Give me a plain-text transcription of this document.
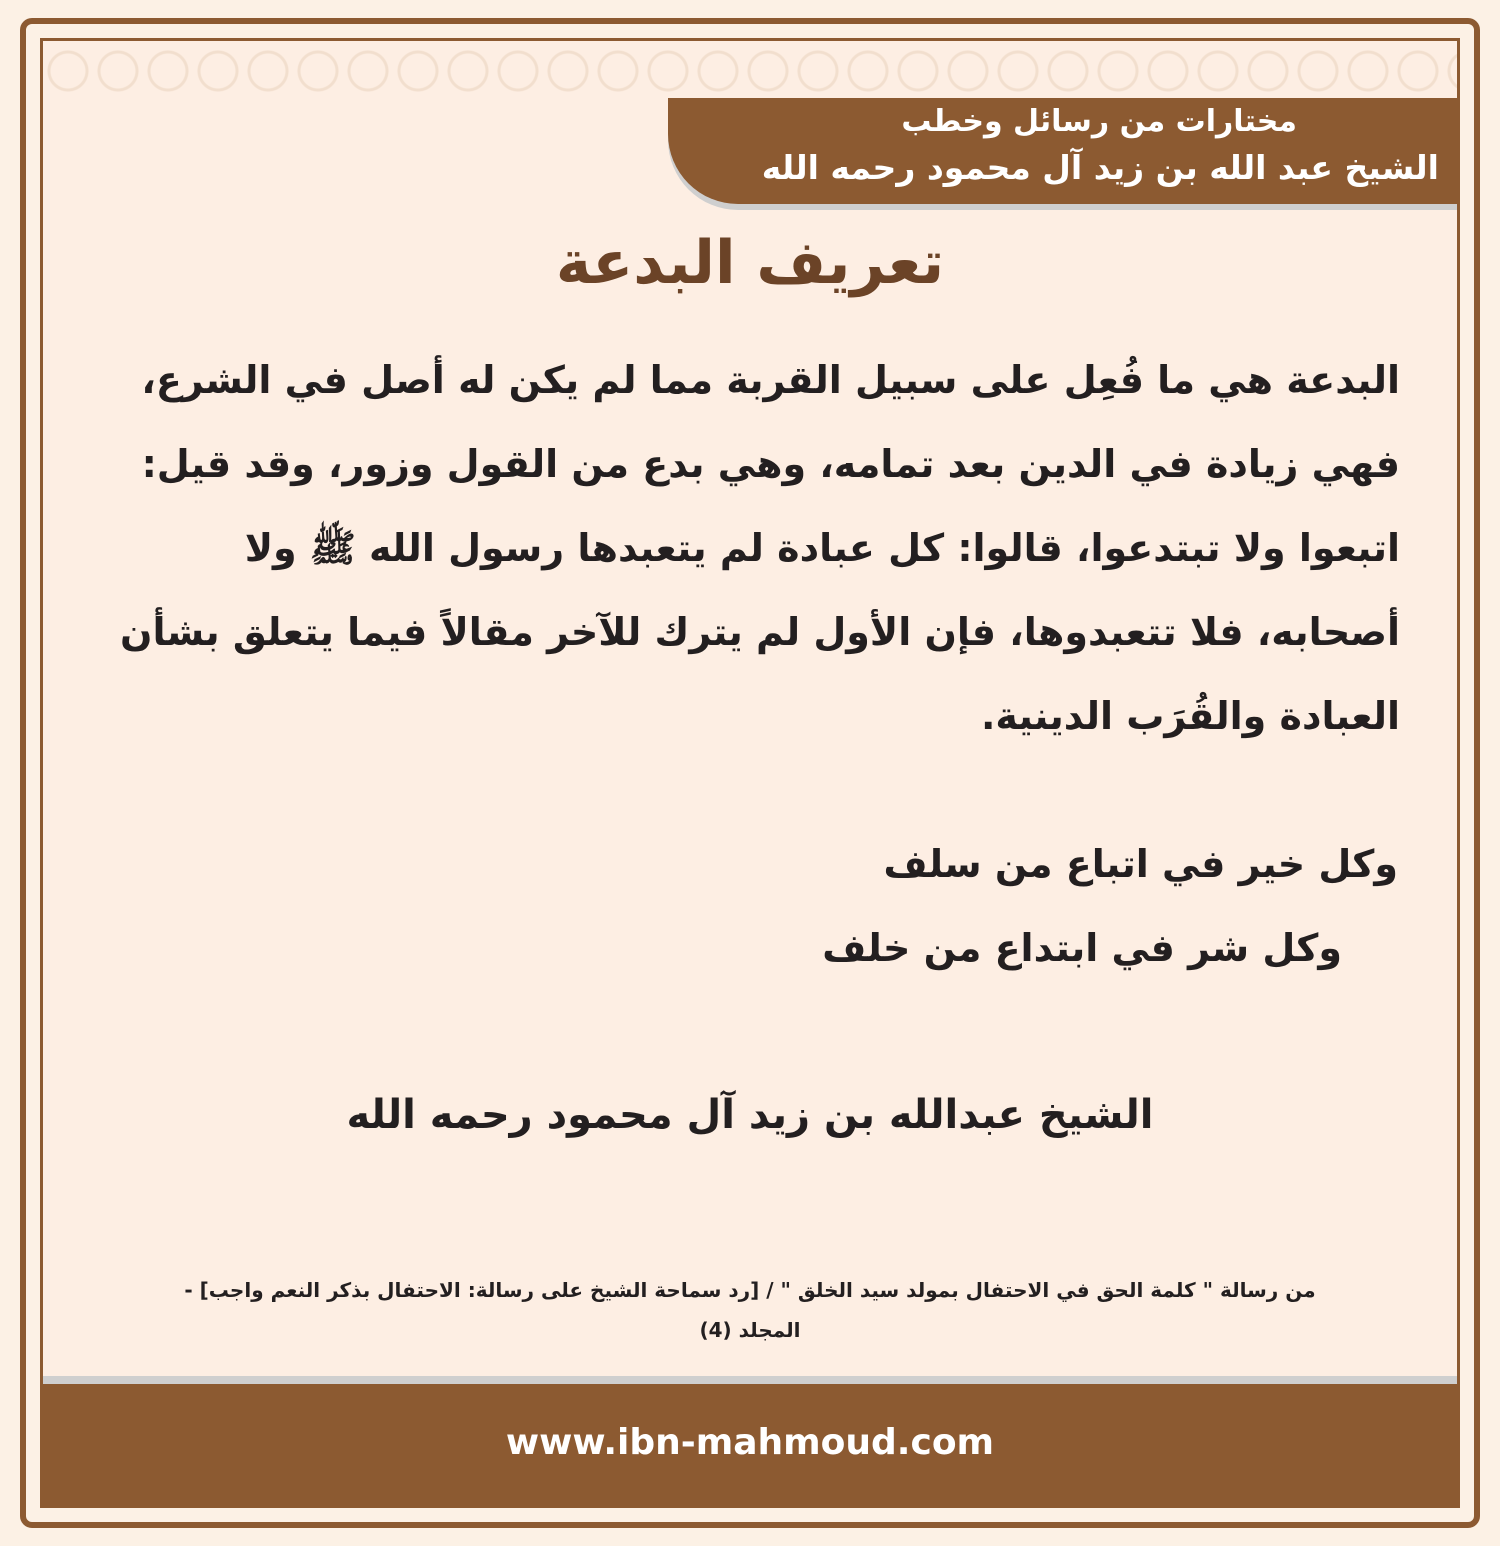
مختارات من رسائل وخطب
الشيخ عبد الله بن زيد آل محمود رحمه الله
تعريف البدعة
البدعة هي ما فُعِل على سبيل القربة مما لم يكن له أصل في الشرع، فهي زيادة في الدين بعد تمامه، وهي بدع من القول وزور، وقد قيل: اتبعوا ولا تبتدعوا، قالوا: كل عبادة لم يتعبدها رسول الله ﷺ ولا أصحابه، فلا تتعبدوها، فإن الأول لم يترك للآخر مقالاً فيما يتعلق بشأن العبادة والقُرَب الدينية.
وكل خير في اتباع من سلف
وكل شر في ابتداع من خلف
الشيخ عبدالله بن زيد آل محمود رحمه الله
من رسالة " كلمة الحق في الاحتفال بمولد سيد الخلق " / [رد سماحة الشيخ على رسالة: الاحتفال بذكر النعم واجب] -
المجلد (4)
www.ibn-mahmoud.com
